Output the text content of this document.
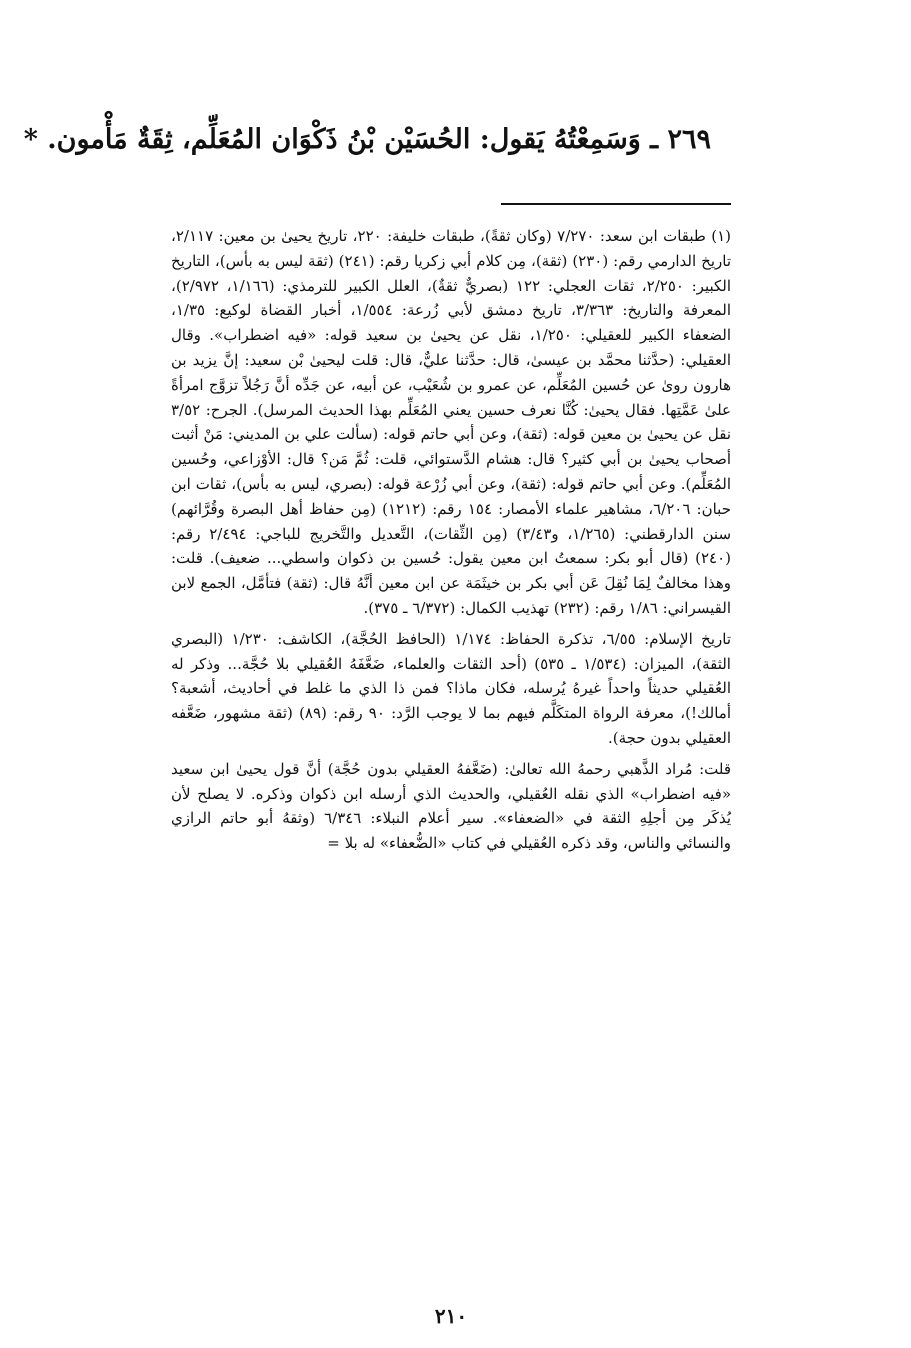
٢٦٩ ـ وَسَمِعْتُهُ يَقول: الحُسَيْن بْنُ ذَكْوَان المُعَلِّم، ثِقَةٌ مَأْمون. *

(١) طبقات ابن سعد: ٧/٢٧٠ (وكان ثقةً)، طبقات خليفة: ٢٢٠، تاريخ يحيىٰ بن معين: ٢/١١٧، تاريخ الدارمي رقم: (٢٣٠) (ثقة)، مِن كلام أبي زكريا رقم: (٢٤١) (ثقة ليس به بأس)، التاريخ الكبير: ٢/٢٥٠، ثقات العجلي: ١٢٢ (بصريٌّ ثقةٌ)، العلل الكبير للترمذي: (١/١٦٦، ٢/٩٧٢)، المعرفة والتاريخ: ٣/٣٦٣، تاريخ دمشق لأبي زُرعة: ١/٥٥٤، أخبار القضاة لوكيع: ١/٣٥، الضعفاء الكبير للعقيلي: ١/٢٥٠، نقل عن يحيىٰ بن سعيد قوله: «فيه اضطراب». وقال العقيلي: (حدَّثنا محمَّد بن عيسىٰ، قال: حدَّثنا عليٌّ، قال: قلت ليحيىٰ بْن سعيد: إنَّ يزيد بن هارون روىٰ عن حُسين المُعَلِّم، عن عمرو بن شُعَيْب، عن أبيه، عن جَدِّه أنَّ رَجُلاً تزوَّج امرأةً علىٰ عَمَّتِها. فقال يحيىٰ: كُنَّا نعرف حسين يعني المُعَلِّم بهذا الحديث المرسل). الجرح: ٣/٥٢ نقل عن يحيىٰ بن معين قوله: (ثقة)، وعن أبي حاتم قوله: (سألت علي بن المديني: مَنْ أثبت أصحاب يحيىٰ بن أبي كثير؟ قال: هشام الدَّستوائي، قلت: ثُمَّ مَن؟ قال: الأوْزاعي، وحُسين المُعَلِّم). وعن أبي حاتم قوله: (ثقة)، وعن أبي زُرْعة قوله: (بصري، ليس به بأس)، ثقات ابن حبان: ٦/٢٠٦، مشاهير علماء الأمصار: ١٥٤ رقم: (١٢١٢) (مِن حفاظ أهل البصرة وقُرَّائهم) سنن الدارقطني: (١/٢٦٥، و٣/٤٣) (مِن الثِّقات)، التَّعديل والتَّخريج للباجي: ٢/٤٩٤ رقم: (٢٤٠) (قال أبو بكر: سمعتُ ابن معين يقول: حُسين بن ذكوان واسطي... ضعيف). قلت: وهذا مخالفٌ لِمَا نُقِلَ عَن أبي بكر بن خيثَمَة عن ابن معين أنَّهُ قال: (ثقة) فتأمَّل، الجمع لابن القيسراني: ١/٨٦ رقم: (٢٣٢) تهذيب الكمال: (٦/٣٧٢ ـ ٣٧٥).

تاريخ الإسلام: ٦/٥٥، تذكرة الحفاظ: ١/١٧٤ (الحافظ الحُجَّة)، الكاشف: ١/٢٣٠ (البصري الثقة)، الميزان: (١/٥٣٤ ـ ٥٣٥) (أحد الثقات والعلماء، ضَعَّفَهُ العُقيلي بلا حُجَّة... وذكر له العُقيلي حديثاً واحداً غيرهُ يُرسله، فكان ماذا؟ فمن ذا الذي ما غلط في أحاديث، أشعبة؟ أمالك!)، معرفة الرواة المتكَلَّم فيهم بما لا يوجب الرَّد: ٩٠ رقم: (٨٩) (ثقة مشهور، ضَعَّفه العقيلي بدون حجة).

قلت: مُراد الذَّهبي رحمهُ الله تعالىٰ: (ضَعَّفهُ العقيلي بدون حُجَّة) أنَّ قول يحيىٰ ابن سعيد «فيه اضطراب» الذي نقله العُقيلي، والحديث الذي أرسله ابن ذكوان وذكره. لا يصلح لأن يُذكَر مِن أجلِهِ الثقة في «الضعفاء». سير أعلام النبلاء: ٦/٣٤٦ (وثقهُ أبو حاتم الرازي والنسائي والناس، وقد ذكره العُقيلي في كتاب «الضُّعفاء» له بلا =

٢١٠
